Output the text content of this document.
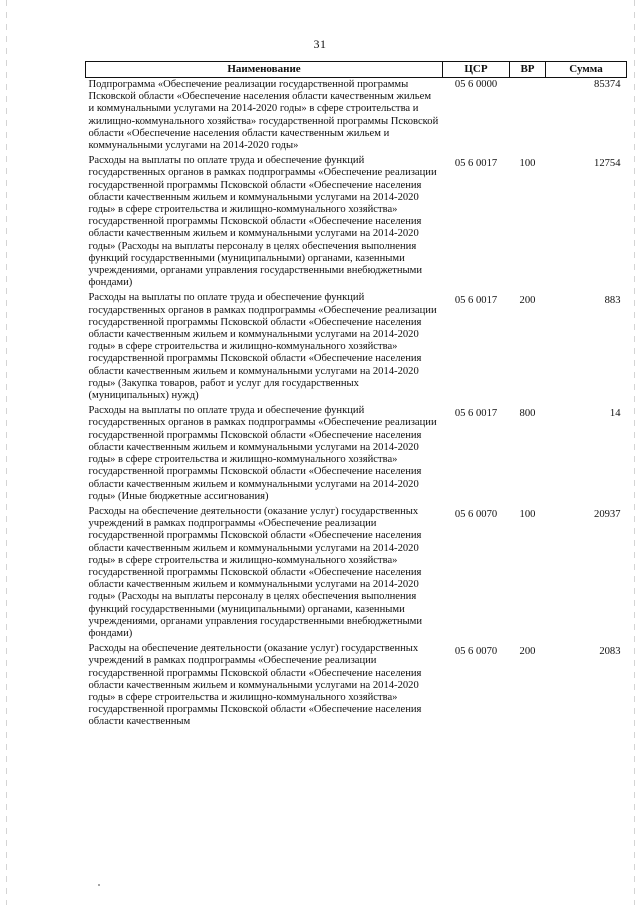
31
Наименование	ЦСР	ВР	Сумма
Подпрограмма «Обеспечение реализации государственной программы Псковской области «Обеспечение населения области качественным жильем и коммунальными услугами на 2014-2020 годы» в сфере строительства и жилищно-коммунального хозяйства» государственной программы Псковской области «Обеспечение населения области качественным жильем и коммунальными услугами на 2014-2020 годы»	05 6 0000		85374
Расходы на выплаты по оплате труда и обеспечение функций государственных органов в рамках подпрограммы «Обеспечение реализации государственной программы Псковской области «Обеспечение населения области качественным жильем и коммунальными услугами на 2014-2020 годы» в сфере строительства и жилищно-коммунального хозяйства» государственной программы Псковской области «Обеспечение населения области качественным жильем и коммунальными услугами на 2014-2020 годы» (Расходы на выплаты персоналу в целях обеспечения выполнения функций государственными (муниципальными) органами, казенными учреждениями, органами управления государственными внебюджетными фондами)	05 6 0017	100	12754
Расходы на выплаты по оплате труда и обеспечение функций государственных органов в рамках подпрограммы «Обеспечение реализации государственной программы Псковской области «Обеспечение населения области качественным жильем и коммунальными услугами на 2014-2020 годы» в сфере строительства и жилищно-коммунального хозяйства» государственной программы Псковской области «Обеспечение населения области качественным жильем и коммунальными услугами на 2014-2020 годы» (Закупка товаров, работ и услуг для государственных (муниципальных) нужд)	05 6 0017	200	883
Расходы на выплаты по оплате труда и обеспечение функций государственных органов в рамках подпрограммы «Обеспечение реализации государственной программы Псковской области «Обеспечение населения области качественным жильем и коммунальными услугами на 2014-2020 годы» в сфере строительства и жилищно-коммунального хозяйства» государственной программы Псковской области «Обеспечение населения области качественным жильем и коммунальными услугами на 2014-2020 годы» (Иные бюджетные ассигнования)	05 6 0017	800	14
Расходы на обеспечение деятельности (оказание услуг) государственных учреждений в рамках подпрограммы «Обеспечение реализации государственной программы Псковской области «Обеспечение населения области качественным жильем и коммунальными услугами на 2014-2020 годы» в сфере строительства и жилищно-коммунального хозяйства» государственной программы Псковской области «Обеспечение населения области качественным жильем и коммунальными услугами на 2014-2020 годы» (Расходы на выплаты персоналу в целях обеспечения выполнения функций государственными (муниципальными) органами, казенными учреждениями, органами управления государственными внебюджетными фондами)	05 6 0070	100	20937
Расходы на обеспечение деятельности (оказание услуг) государственных учреждений в рамках подпрограммы «Обеспечение реализации государственной программы Псковской области «Обеспечение населения области качественным жильем и коммунальными услугами на 2014-2020 годы» в сфере строительства и жилищно-коммунального хозяйства» государственной программы Псковской области «Обеспечение населения области качественным	05 6 0070	200	2083
